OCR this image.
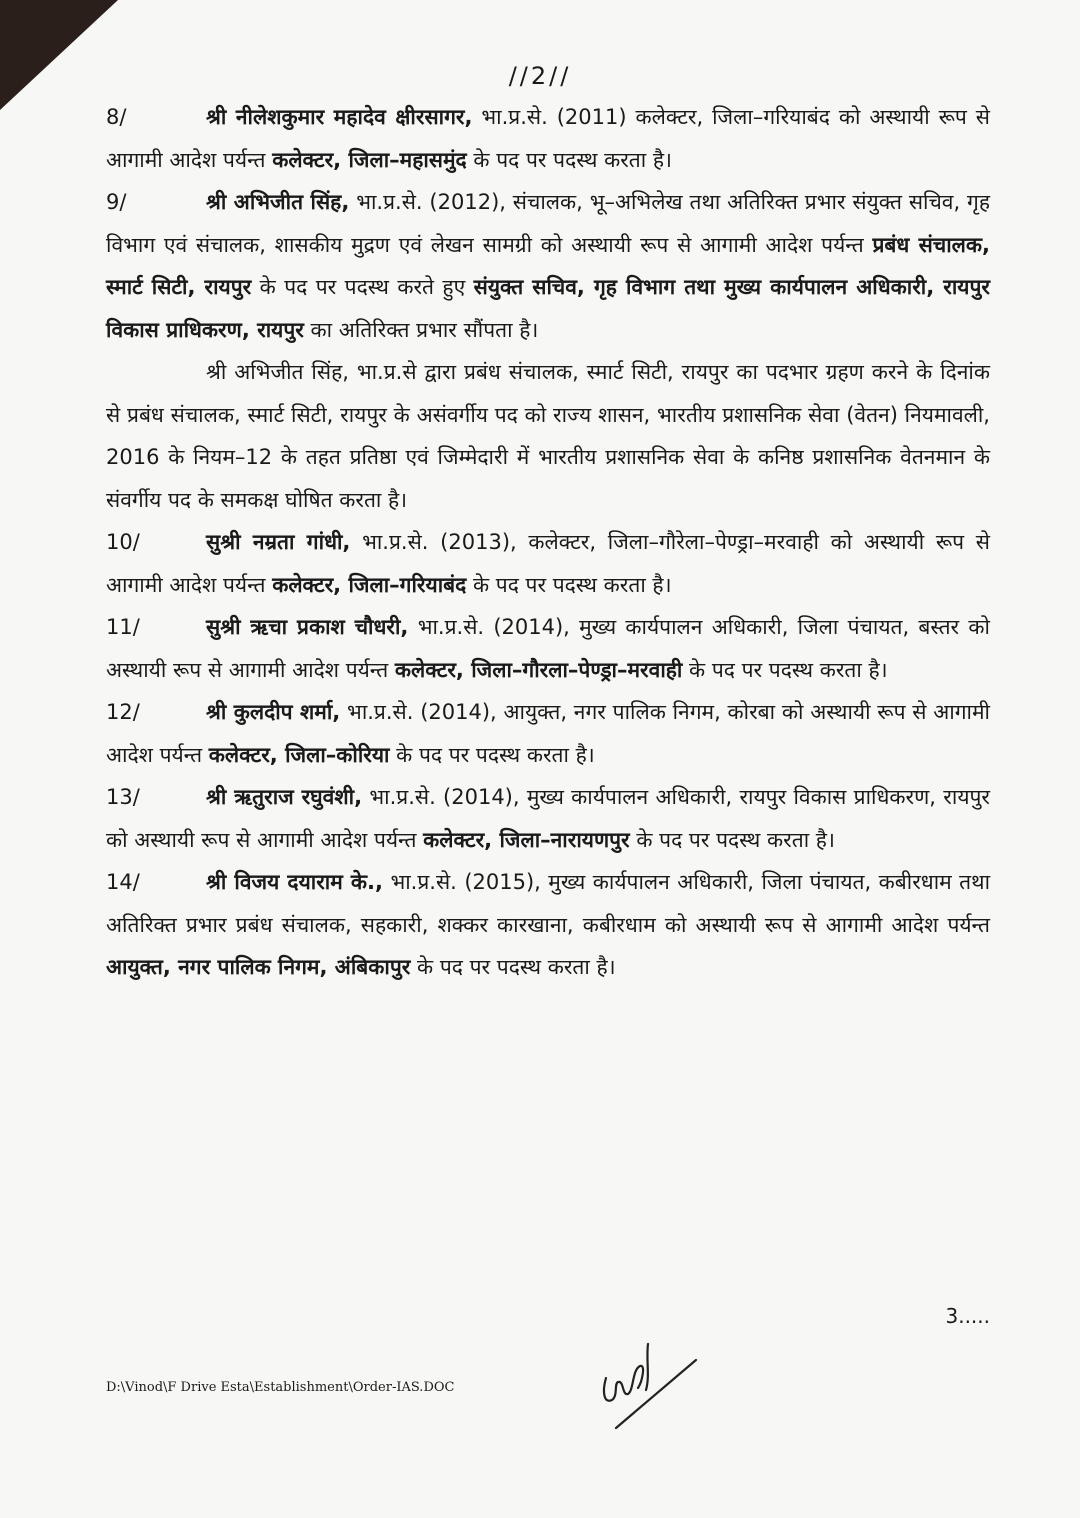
//2//

8/	श्री नीलेशकुमार महादेव क्षीरसागर, भा.प्र.से. (2011) कलेक्टर, जिला–गरियाबंद को अस्थायी रूप से आगामी आदेश पर्यन्त कलेक्टर, जिला–महासमुंद के पद पर पदस्थ करता है।

9/	श्री अभिजीत सिंह, भा.प्र.से. (2012), संचालक, भू–अभिलेख तथा अतिरिक्त प्रभार संयुक्त सचिव, गृह विभाग एवं संचालक, शासकीय मुद्रण एवं लेखन सामग्री को अस्थायी रूप से आगामी आदेश पर्यन्त प्रबंध संचालक, स्मार्ट सिटी, रायपुर के पद पर पदस्थ करते हुए संयुक्त सचिव, गृह विभाग तथा मुख्य कार्यपालन अधिकारी, रायपुर विकास प्राधिकरण, रायपुर का अतिरिक्त प्रभार सौंपता है।

श्री अभिजीत सिंह, भा.प्र.से द्वारा प्रबंध संचालक, स्मार्ट सिटी, रायपुर का पदभार ग्रहण करने के दिनांक से प्रबंध संचालक, स्मार्ट सिटी, रायपुर के असंवर्गीय पद को राज्य शासन, भारतीय प्रशासनिक सेवा (वेतन) नियमावली, 2016 के नियम–12 के तहत प्रतिष्ठा एवं जिम्मेदारी में भारतीय प्रशासनिक सेवा के कनिष्ठ प्रशासनिक वेतनमान के संवर्गीय पद के समकक्ष घोषित करता है।

10/	सुश्री नम्रता गांधी, भा.प्र.से. (2013), कलेक्टर, जिला–गौरेला–पेण्ड्रा–मरवाही को अस्थायी रूप से आगामी आदेश पर्यन्त कलेक्टर, जिला–गरियाबंद के पद पर पदस्थ करता है।

11/	सुश्री ऋचा प्रकाश चौधरी, भा.प्र.से. (2014), मुख्य कार्यपालन अधिकारी, जिला पंचायत, बस्तर को अस्थायी रूप से आगामी आदेश पर्यन्त कलेक्टर, जिला–गौरला–पेण्ड्रा–मरवाही के पद पर पदस्थ करता है।

12/	श्री कुलदीप शर्मा, भा.प्र.से. (2014), आयुक्त, नगर पालिक निगम, कोरबा को अस्थायी रूप से आगामी आदेश पर्यन्त कलेक्टर, जिला–कोरिया के पद पर पदस्थ करता है।

13/	श्री ऋतुराज रघुवंशी, भा.प्र.से. (2014), मुख्य कार्यपालन अधिकारी, रायपुर विकास प्राधिकरण, रायपुर को अस्थायी रूप से आगामी आदेश पर्यन्त कलेक्टर, जिला–नारायणपुर के पद पर पदस्थ करता है।

14/	श्री विजय दयाराम के., भा.प्र.से. (2015), मुख्य कार्यपालन अधिकारी, जिला पंचायत, कबीरधाम तथा अतिरिक्त प्रभार प्रबंध संचालक, सहकारी, शक्कर कारखाना, कबीरधाम को अस्थायी रूप से आगामी आदेश पर्यन्त आयुक्त, नगर पालिक निगम, अंबिकापुर के पद पर पदस्थ करता है।

3.....
D:\Vinod\F Drive Esta\Establishment\Order-IAS.DOC
